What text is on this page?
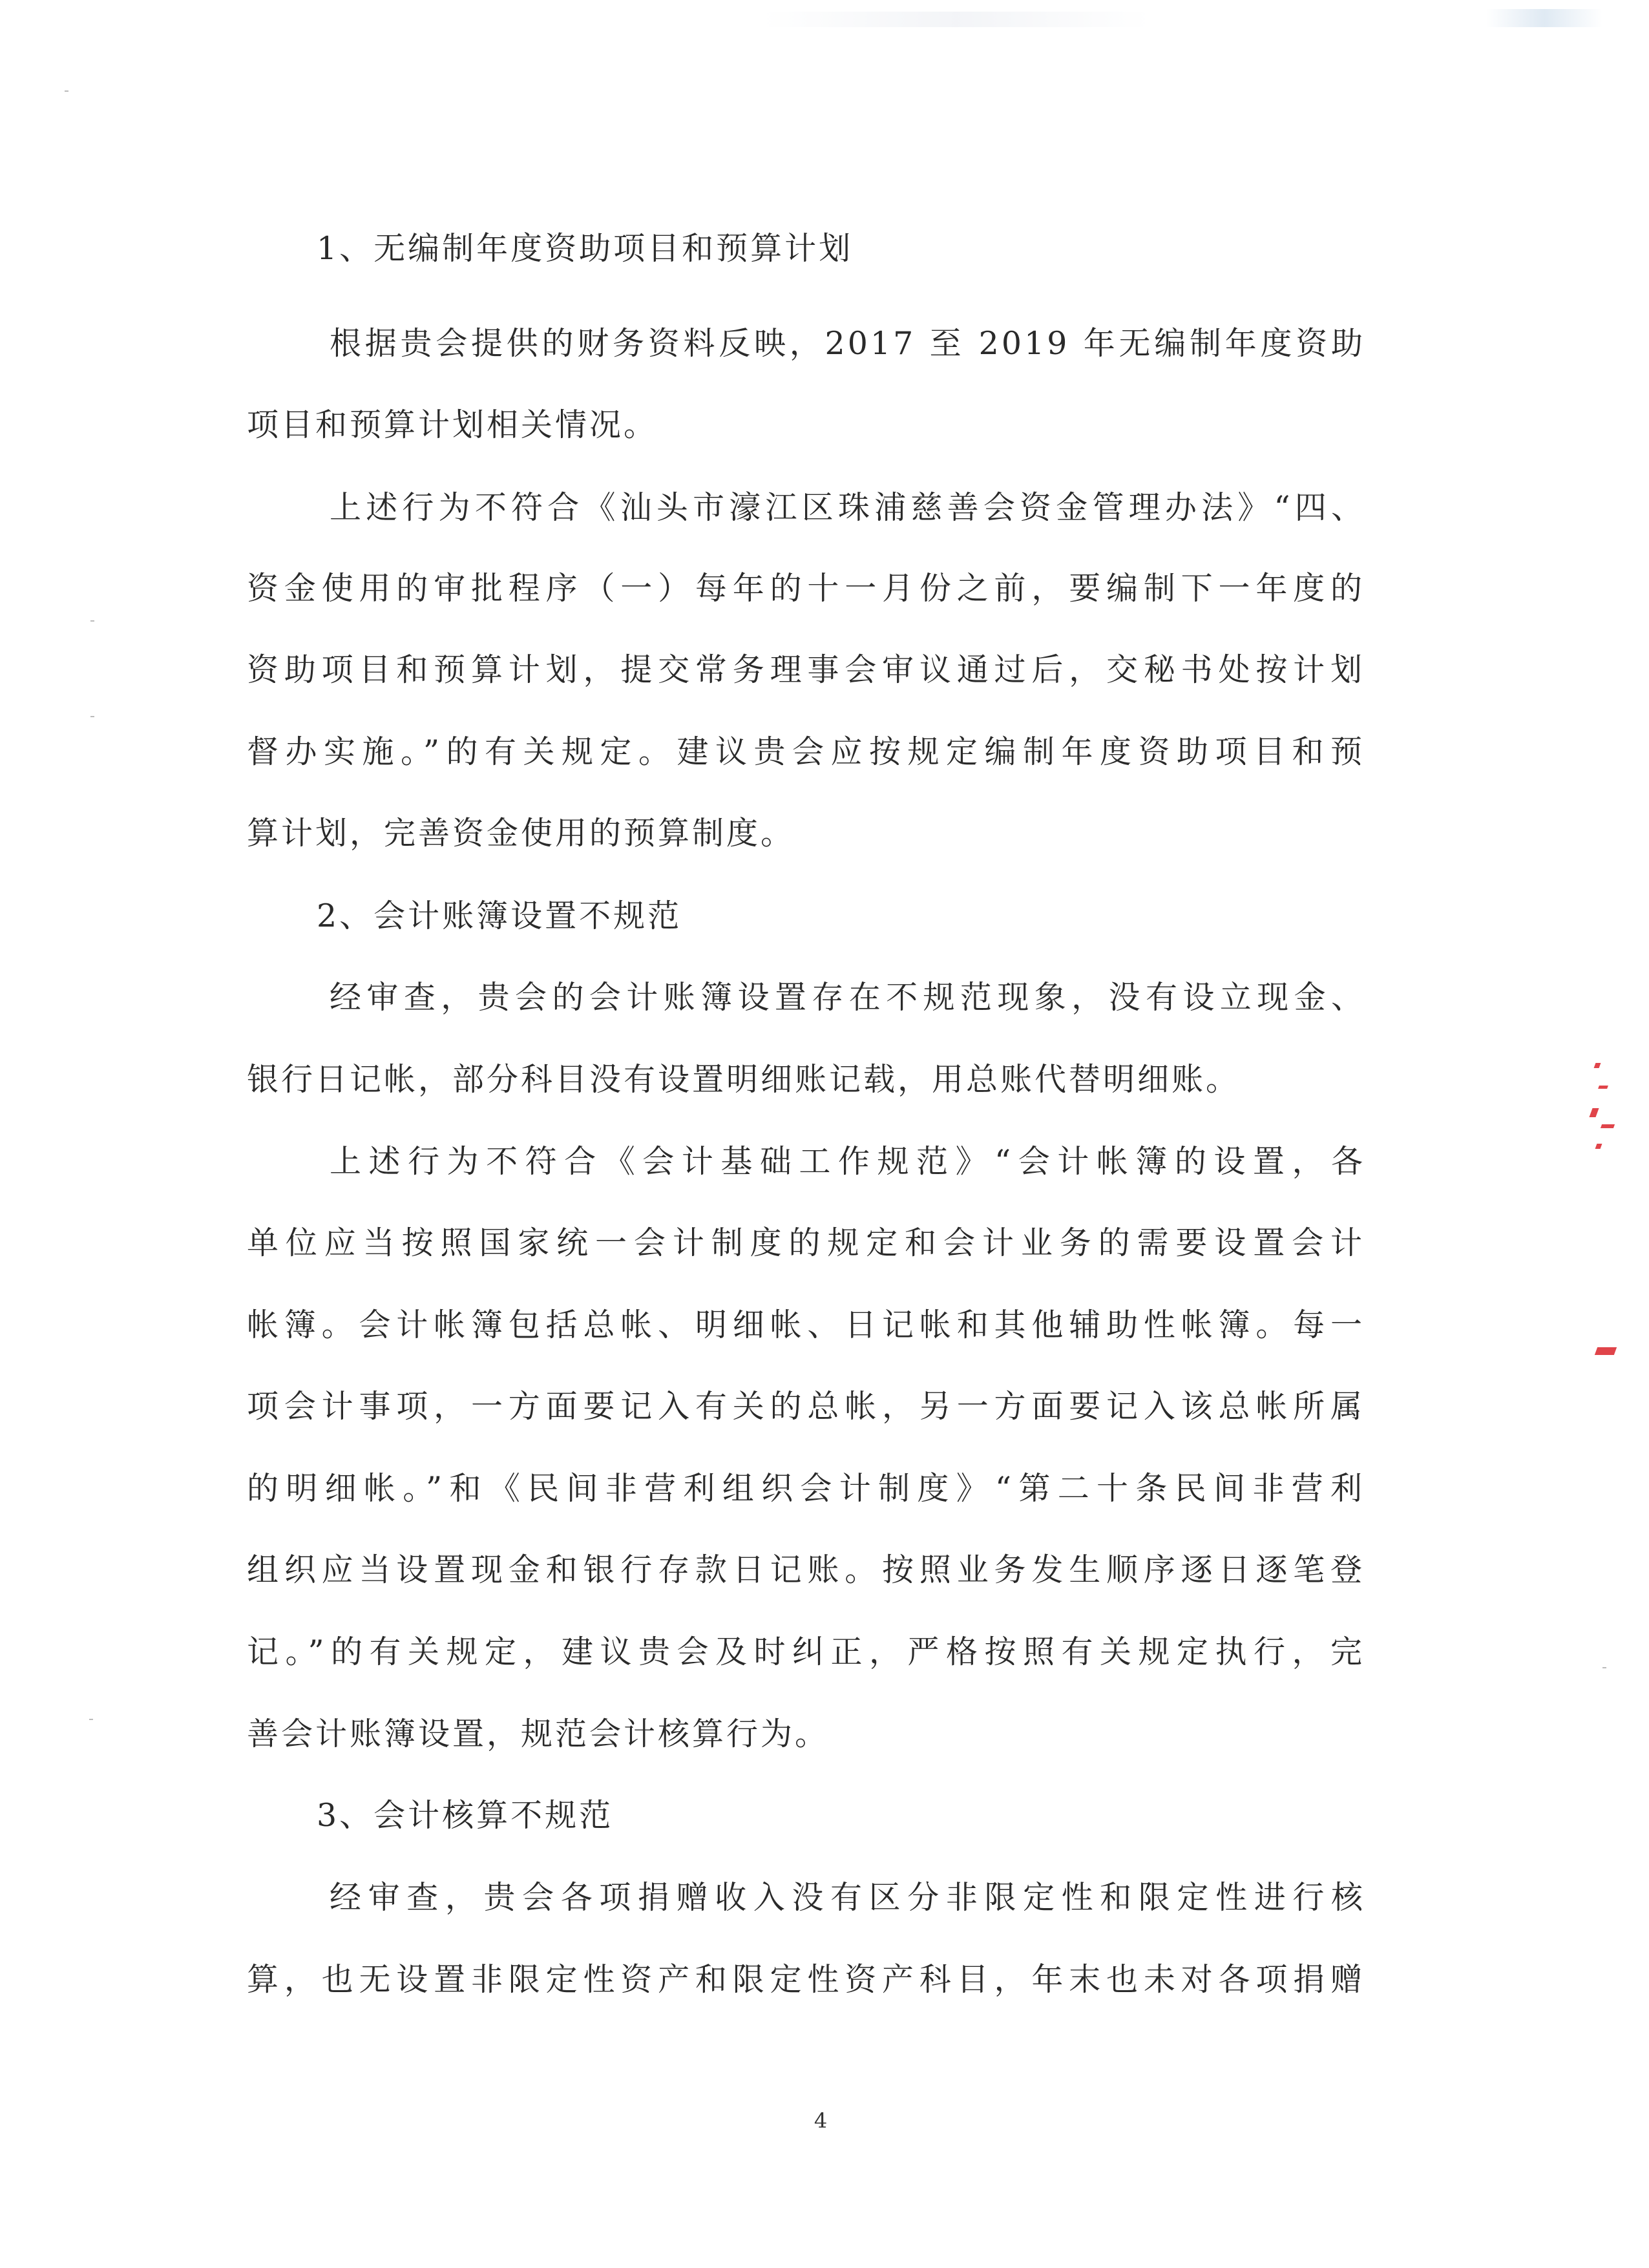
1、无编制年度资助项目和预算计划
根据贵会提供的财务资料反映，2017 至 2019 年无编制年度资助
项目和预算计划相关情况。
上述行为不符合《汕头市濠江区珠浦慈善会资金管理办法》“四、
资金使用的审批程序（一）每年的十一月份之前，要编制下一年度的
资助项目和预算计划，提交常务理事会审议通过后，交秘书处按计划
督办实施。”的有关规定。建议贵会应按规定编制年度资助项目和预
算计划，完善资金使用的预算制度。
2、会计账簿设置不规范
经审查，贵会的会计账簿设置存在不规范现象，没有设立现金、
银行日记帐，部分科目没有设置明细账记载，用总账代替明细账。
上述行为不符合《会计基础工作规范》“会计帐簿的设置，各
单位应当按照国家统一会计制度的规定和会计业务的需要设置会计
帐簿。会计帐簿包括总帐、明细帐、日记帐和其他辅助性帐簿。每一
项会计事项，一方面要记入有关的总帐，另一方面要记入该总帐所属
的明细帐。”和《民间非营利组织会计制度》“第二十条民间非营利
组织应当设置现金和银行存款日记账。按照业务发生顺序逐日逐笔登
记。”的有关规定，建议贵会及时纠正，严格按照有关规定执行，完
善会计账簿设置，规范会计核算行为。
3、会计核算不规范
经审查，贵会各项捐赠收入没有区分非限定性和限定性进行核
算，也无设置非限定性资产和限定性资产科目，年末也未对各项捐赠
4
